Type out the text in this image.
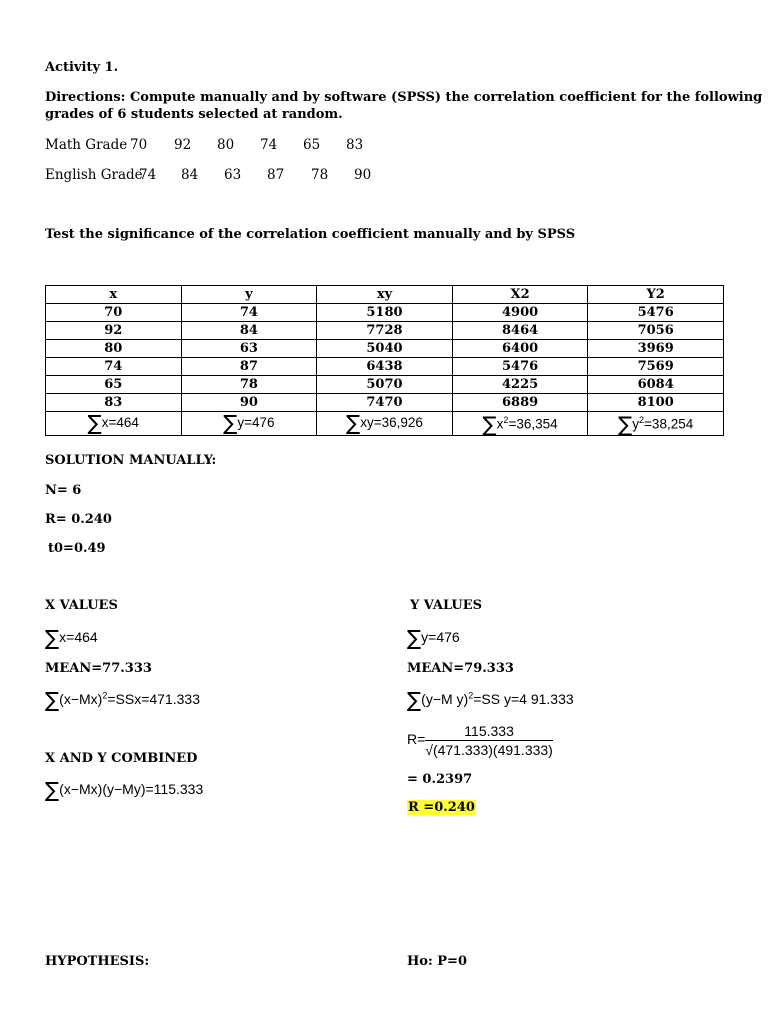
Activity 1.
Directions: Compute manually and by software (SPSS) the correlation coefficient for the following
grades of 6 students selected at random.
Math Grade 70 92 80 74 65 83
English Grade
74 84 63 87 78 90
Test the significance of the correlation coefficient manually and by SPSS
x	y	xy	X2	Y2
70	74	5180	4900	5476
92	84	7728	8464	7056
80	63	5040	6400	3969
74	87	6438	5476	7569
65	78	5070	4225	6084
83	90	7470	6889	8100
∑x=464	∑y=476	∑xy=36,926	$\sum x^2=36,354$	$\sum y^2=38,254$
SOLUTION MANUALLY:
N= 6
R= 0.240
t0=0.49
X VALUES
∑x=464
MEAN=77.333
$\sum(x-Mx)^2=SSx=471.333$
Y VALUES
∑y=476
MEAN=79.333
∑(y−M y)$^2$=SS y=4 91.333
$R= \frac{115.333}{√(471.333)(491.333)}$
= 0.2397
R =0.240
X AND Y COMBINED
∑(x−Mx)(y−My)=115.333
HYPOTHESIS:	Ho: P=0
